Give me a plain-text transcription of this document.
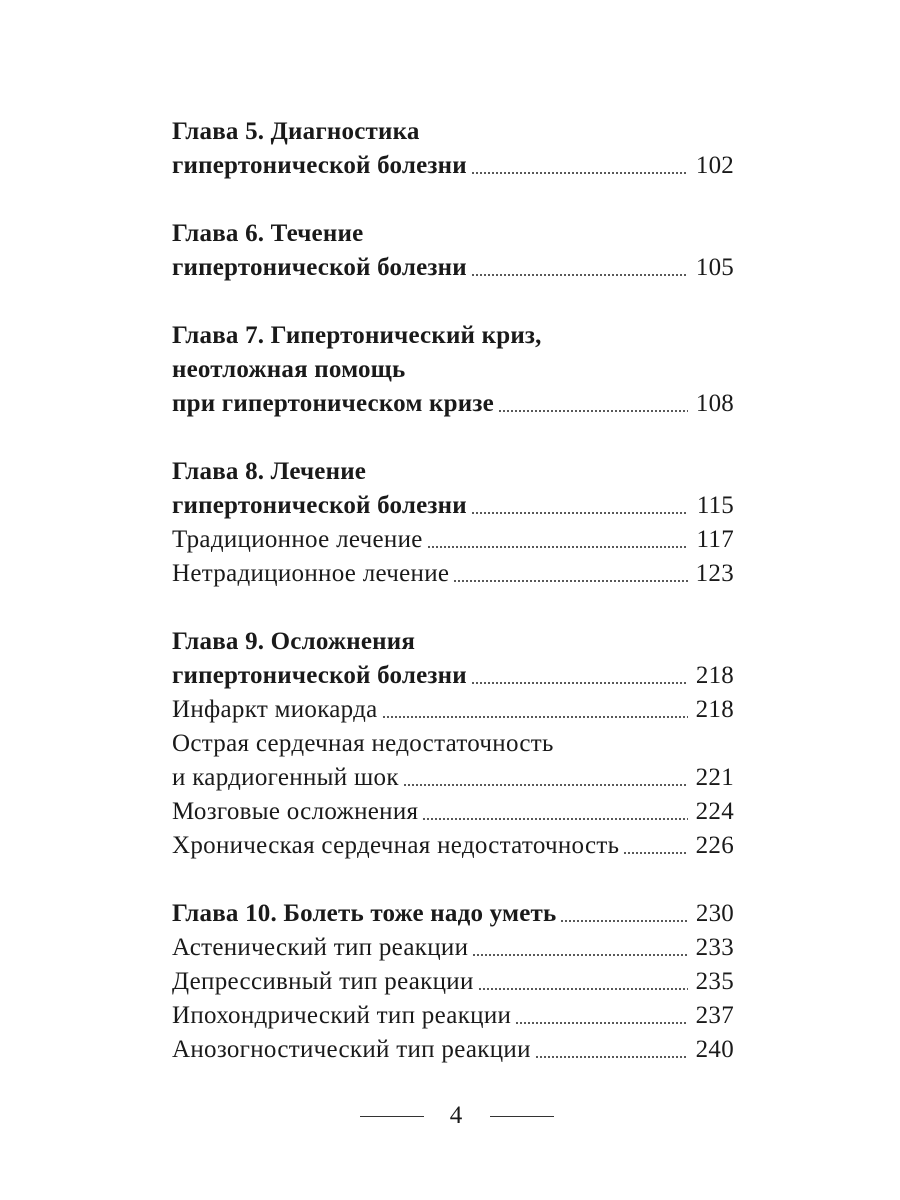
Глава 5. Диагностика
гипертонической болезни	102
Глава 6. Течение
гипертонической болезни	105
Глава 7. Гипертонический криз,
неотложная помощь
при гипертоническом кризе	108
Глава 8. Лечение
гипертонической болезни	115
Традиционное лечение	117
Нетрадиционное лечение	123
Глава 9. Осложнения
гипертонической болезни	218
Инфаркт миокарда	218
Острая сердечная недостаточность
и кардиогенный шок	221
Мозговые осложнения	224
Хроническая сердечная недостаточность	226
Глава 10. Болеть тоже надо уметь	230
Астенический тип реакции	233
Депрессивный тип реакции	235
Ипохондрический тип реакции	237
Анозогностический тип реакции	240
4
